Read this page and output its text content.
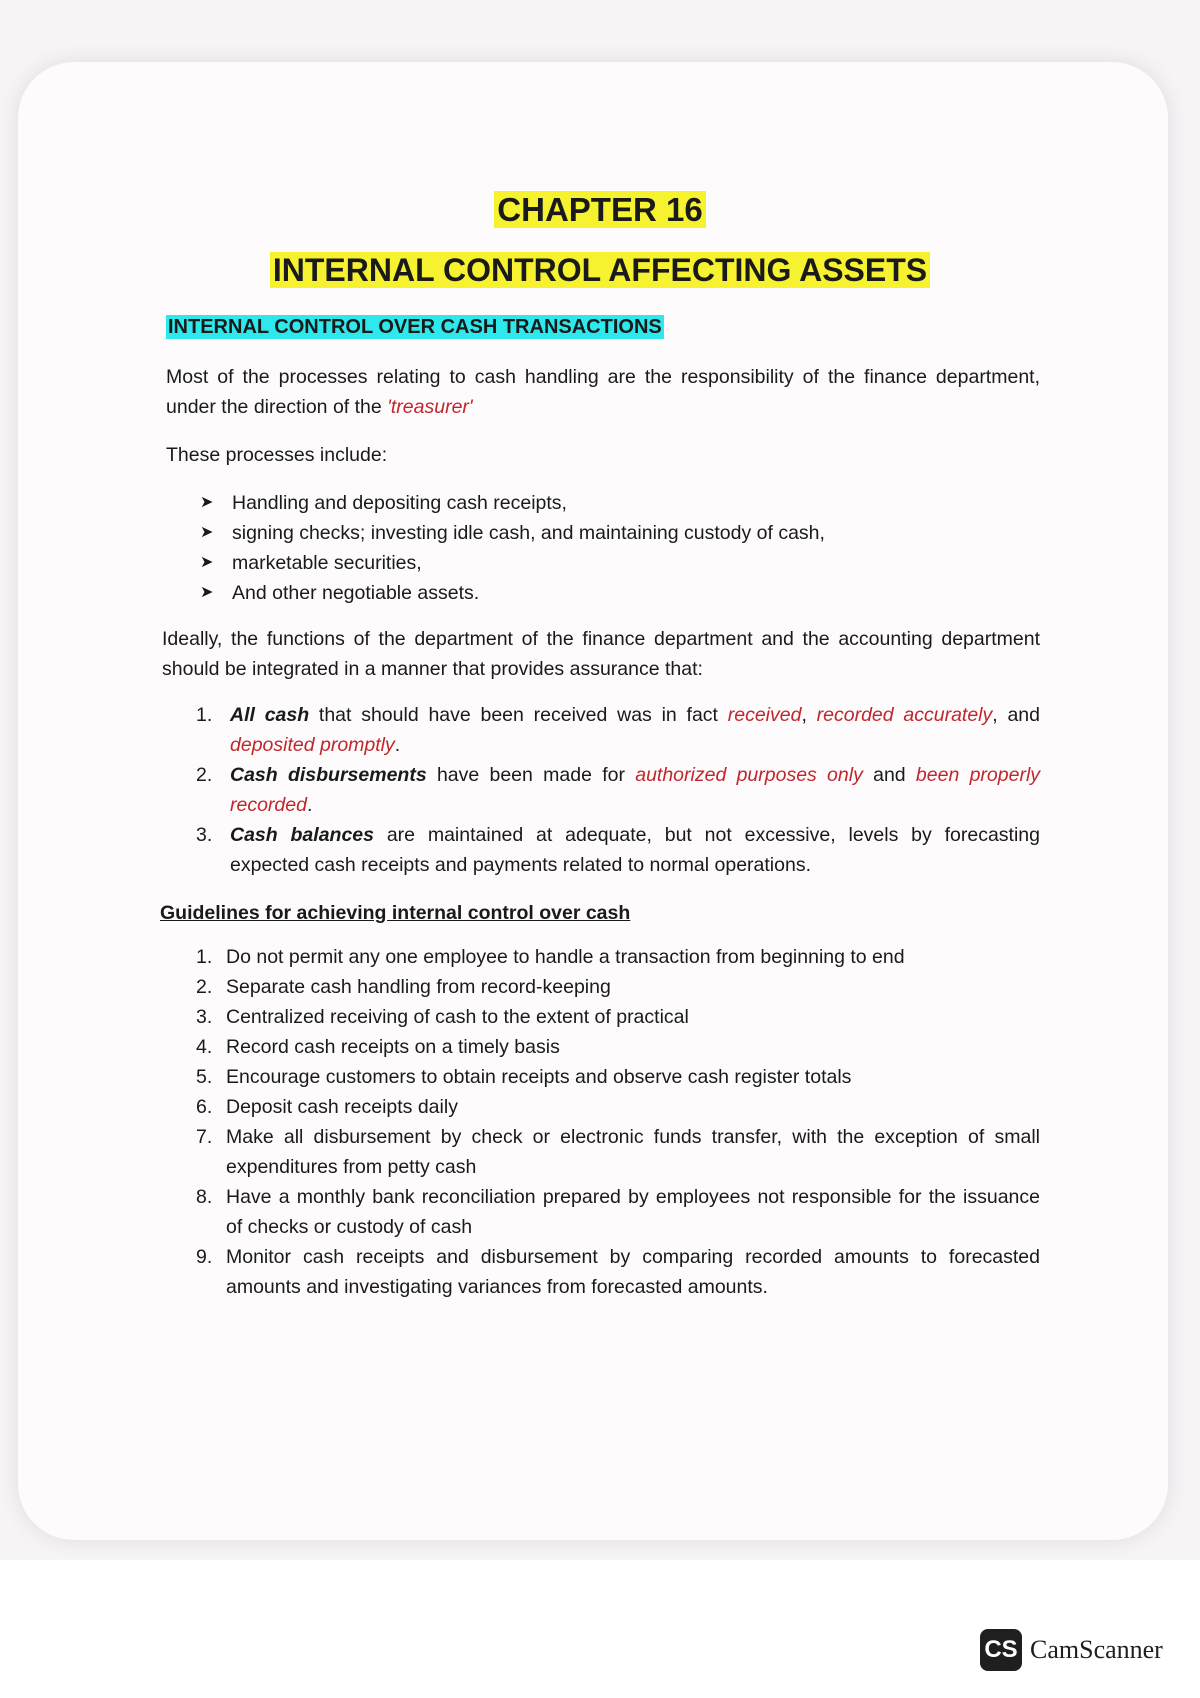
CHAPTER 16
INTERNAL CONTROL AFFECTING ASSETS
INTERNAL CONTROL OVER CASH TRANSACTIONS

Most of the processes relating to cash handling are the responsibility of the finance department, under the direction of the 'treasurer'

These processes include:

➤ Handling and depositing cash receipts,
➤ signing checks; investing idle cash, and maintaining custody of cash,
➤ marketable securities,
➤ And other negotiable assets.

Ideally, the functions of the department of the finance department and the accounting department should be integrated in a manner that provides assurance that:

1. All cash that should have been received was in fact received, recorded accurately, and deposited promptly.
2. Cash disbursements have been made for authorized purposes only and been properly recorded.
3. Cash balances are maintained at adequate, but not excessive, levels by forecasting expected cash receipts and payments related to normal operations.
Guidelines for achieving internal control over cash
1. Do not permit any one employee to handle a transaction from beginning to end
2. Separate cash handling from record-keeping
3. Centralized receiving of cash to the extent of practical
4. Record cash receipts on a timely basis
5. Encourage customers to obtain receipts and observe cash register totals
6. Deposit cash receipts daily
7. Make all disbursement by check or electronic funds transfer, with the exception of small expenditures from petty cash
8. Have a monthly bank reconciliation prepared by employees not responsible for the issuance of checks or custody of cash
9. Monitor cash receipts and disbursement by comparing recorded amounts to forecasted amounts and investigating variances from forecasted amounts.
CS CamScanner
